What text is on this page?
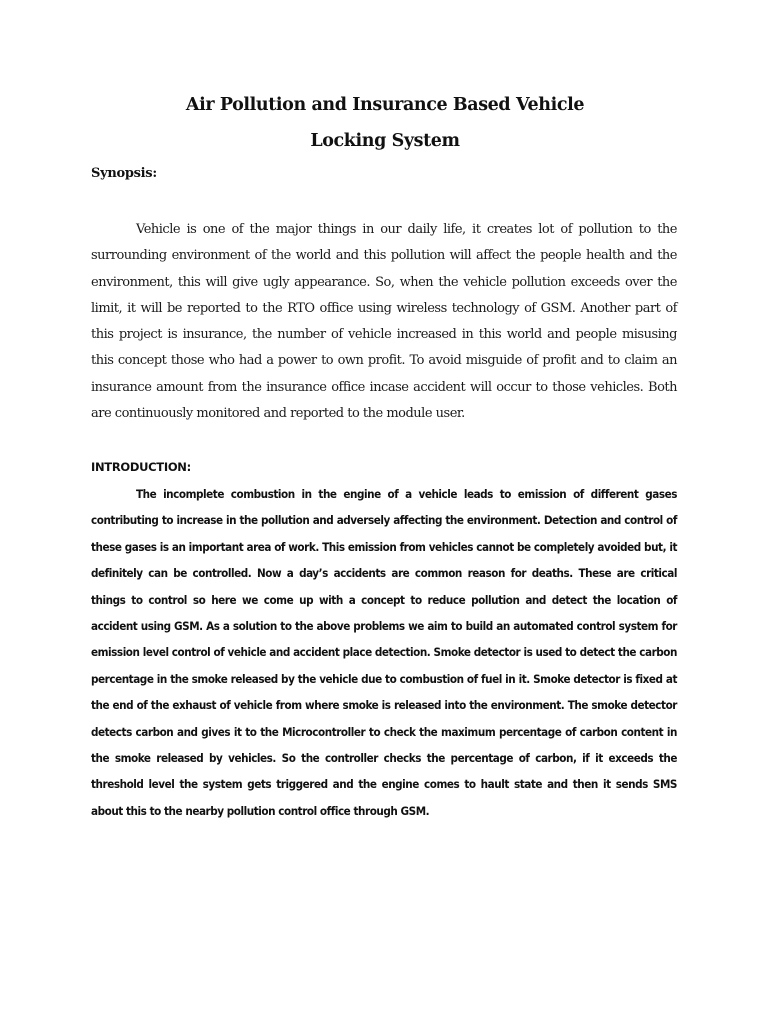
Air Pollution and Insurance Based Vehicle
Locking System
Synopsis:

Vehicle is one of the major things in our daily life, it creates lot of pollution to the surrounding environment of the world and this pollution will affect the people health and the environment, this will give ugly appearance. So, when the vehicle pollution exceeds over the limit, it will be reported to the RTO office using wireless technology of GSM. Another part of this project is insurance, the number of vehicle increased in this world and people misusing this concept those who had a power to own profit. To avoid misguide of profit and to claim an insurance amount from the insurance office incase accident will occur to those vehicles. Both are continuously monitored and reported to the module user.

INTRODUCTION:

The incomplete combustion in the engine of a vehicle leads to emission of different gases contributing to increase in the pollution and adversely affecting the environment. Detection and control of these gases is an important area of work. This emission from vehicles cannot be completely avoided but, it definitely can be controlled. Now a day’s accidents are common reason for deaths. These are critical things to control so here we come up with a concept to reduce pollution and detect the location of accident using GSM. As a solution to the above problems we aim to build an automated control system for emission level control of vehicle and accident place detection. Smoke detector is used to detect the carbon percentage in the smoke released by the vehicle due to combustion of fuel in it. Smoke detector is fixed at the end of the exhaust of vehicle from where smoke is released into the environment. The smoke detector detects carbon and gives it to the Microcontroller to check the maximum percentage of carbon content in the smoke released by vehicles. So the controller checks the percentage of carbon, if it exceeds the threshold level the system gets triggered and the engine comes to hault state and then it sends SMS about this to the nearby pollution control office through GSM.
